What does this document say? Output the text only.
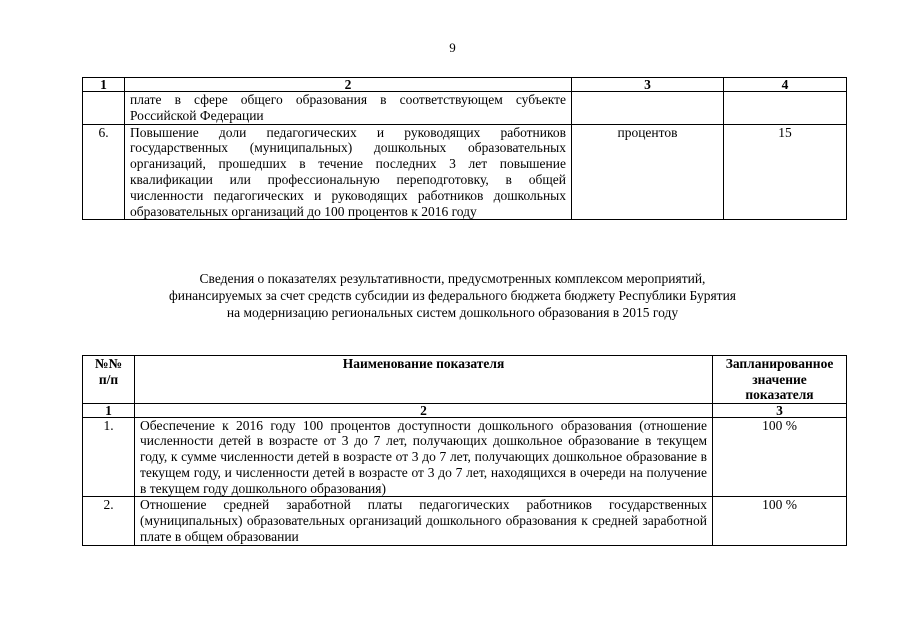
9
1	2	3	4
	плате в сфере общего образования в соответствующем субъекте Российской Федерации		
6.	Повышение доли педагогических и руководящих работников государственных (муниципальных) дошкольных образовательных организаций, прошедших в течение последних 3 лет повышение квалификации или профессиональную переподготовку, в общей численности педагогических и руководящих работников дошкольных образовательных организаций до 100 процентов к 2016 году	процентов	15
Сведения о показателях результативности, предусмотренных комплексом мероприятий,
финансируемых за счет средств субсидии из федерального бюджета бюджету Республики Бурятия
на модернизацию региональных систем дошкольного образования в 2015 году
№№ п/п	Наименование показателя	Запланированное значение показателя
1	2	3
1.	Обеспечение к 2016 году 100 процентов доступности дошкольного образования (отношение численности детей в возрасте от 3 до 7 лет, получающих дошкольное образование в текущем году, к сумме численности детей в возрасте от 3 до 7 лет, получающих дошкольное образование в текущем году, и численности детей в возрасте от 3 до 7 лет, находящихся в очереди на получение в текущем году дошкольного образования)	100 %
2.	Отношение средней заработной платы педагогических работников государственных (муниципальных) образовательных организаций дошкольного образования к средней заработной плате в общем образовании	100 %
